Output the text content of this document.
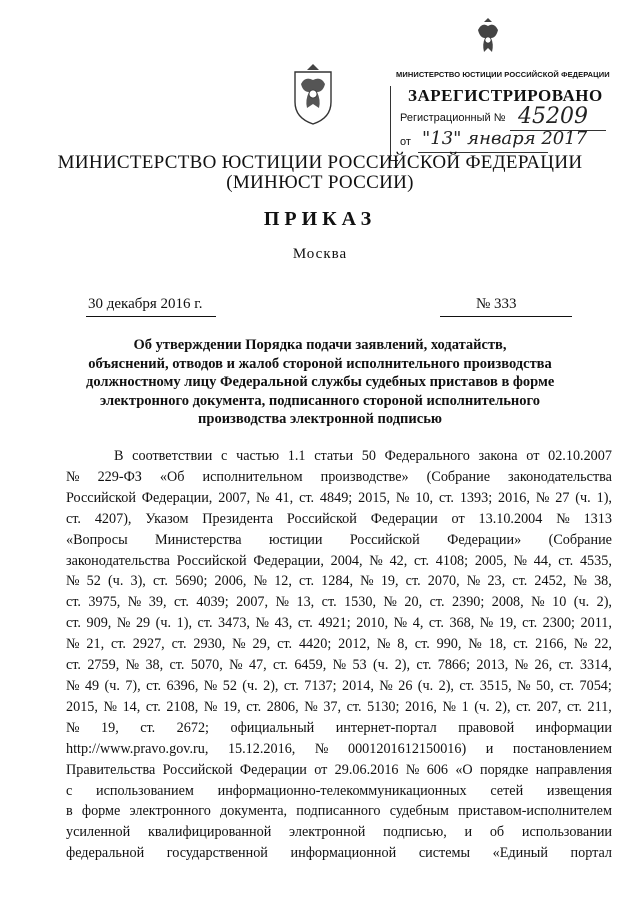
МИНИСТЕРСТВО ЮСТИЦИИ РОССИЙСКОЙ ФЕДЕРАЦИИ
ЗАРЕГИСТРИРОВАНО
Регистрационный № 45209
от "13" января 2017
МИНИСТЕРСТВО ЮСТИЦИИ РОССИЙСКОЙ ФЕДЕРАЦИИ
(МИНЮСТ РОССИИ)
ПРИКАЗ
Москва
30 декабря 2016 г.	№ 333
Об утверждении Порядка подачи заявлений, ходатайств,
объяснений, отводов и жалоб стороной исполнительного производства
должностному лицу Федеральной службы судебных приставов в форме
электронного документа, подписанного стороной исполнительного
производства электронной подписью
В соответствии с частью 1.1 статьи 50 Федерального закона от 02.10.2007
№ 229-ФЗ «Об исполнительном производстве» (Собрание законодательства
Российской Федерации, 2007, № 41, ст. 4849; 2015, № 10, ст. 1393; 2016, № 27 (ч. 1),
ст. 4207), Указом Президента Российской Федерации от 13.10.2004 № 1313
«Вопросы Министерства юстиции Российской Федерации» (Собрание
законодательства Российской Федерации, 2004, № 42, ст. 4108; 2005, № 44, ст. 4535,
№ 52 (ч. 3), ст. 5690; 2006, № 12, ст. 1284, № 19, ст. 2070, № 23, ст. 2452, № 38,
ст. 3975, № 39, ст. 4039; 2007, № 13, ст. 1530, № 20, ст. 2390; 2008, № 10 (ч. 2),
ст. 909, № 29 (ч. 1), ст. 3473, № 43, ст. 4921; 2010, № 4, ст. 368, № 19, ст. 2300; 2011,
№ 21, ст. 2927, ст. 2930, № 29, ст. 4420; 2012, № 8, ст. 990, № 18, ст. 2166, № 22,
ст. 2759, № 38, ст. 5070, № 47, ст. 6459, № 53 (ч. 2), ст. 7866; 2013, № 26, ст. 3314,
№ 49 (ч. 7), ст. 6396, № 52 (ч. 2), ст. 7137; 2014, № 26 (ч. 2), ст. 3515, № 50, ст. 7054;
2015, № 14, ст. 2108, № 19, ст. 2806, № 37, ст. 5130; 2016, № 1 (ч. 2), ст. 207, ст. 211,
№ 19, ст. 2672; официальный интернет-портал правовой информации
http://www.pravo.gov.ru, 15.12.2016, № 0001201612150016) и постановлением
Правительства Российской Федерации от 29.06.2016 № 606 «О порядке направления
с использованием информационно-телекоммуникационных сетей извещения
в форме электронного документа, подписанного судебным приставом-исполнителем
усиленной квалифицированной электронной подписью, и об использовании
федеральной государственной информационной системы «Единый портал
